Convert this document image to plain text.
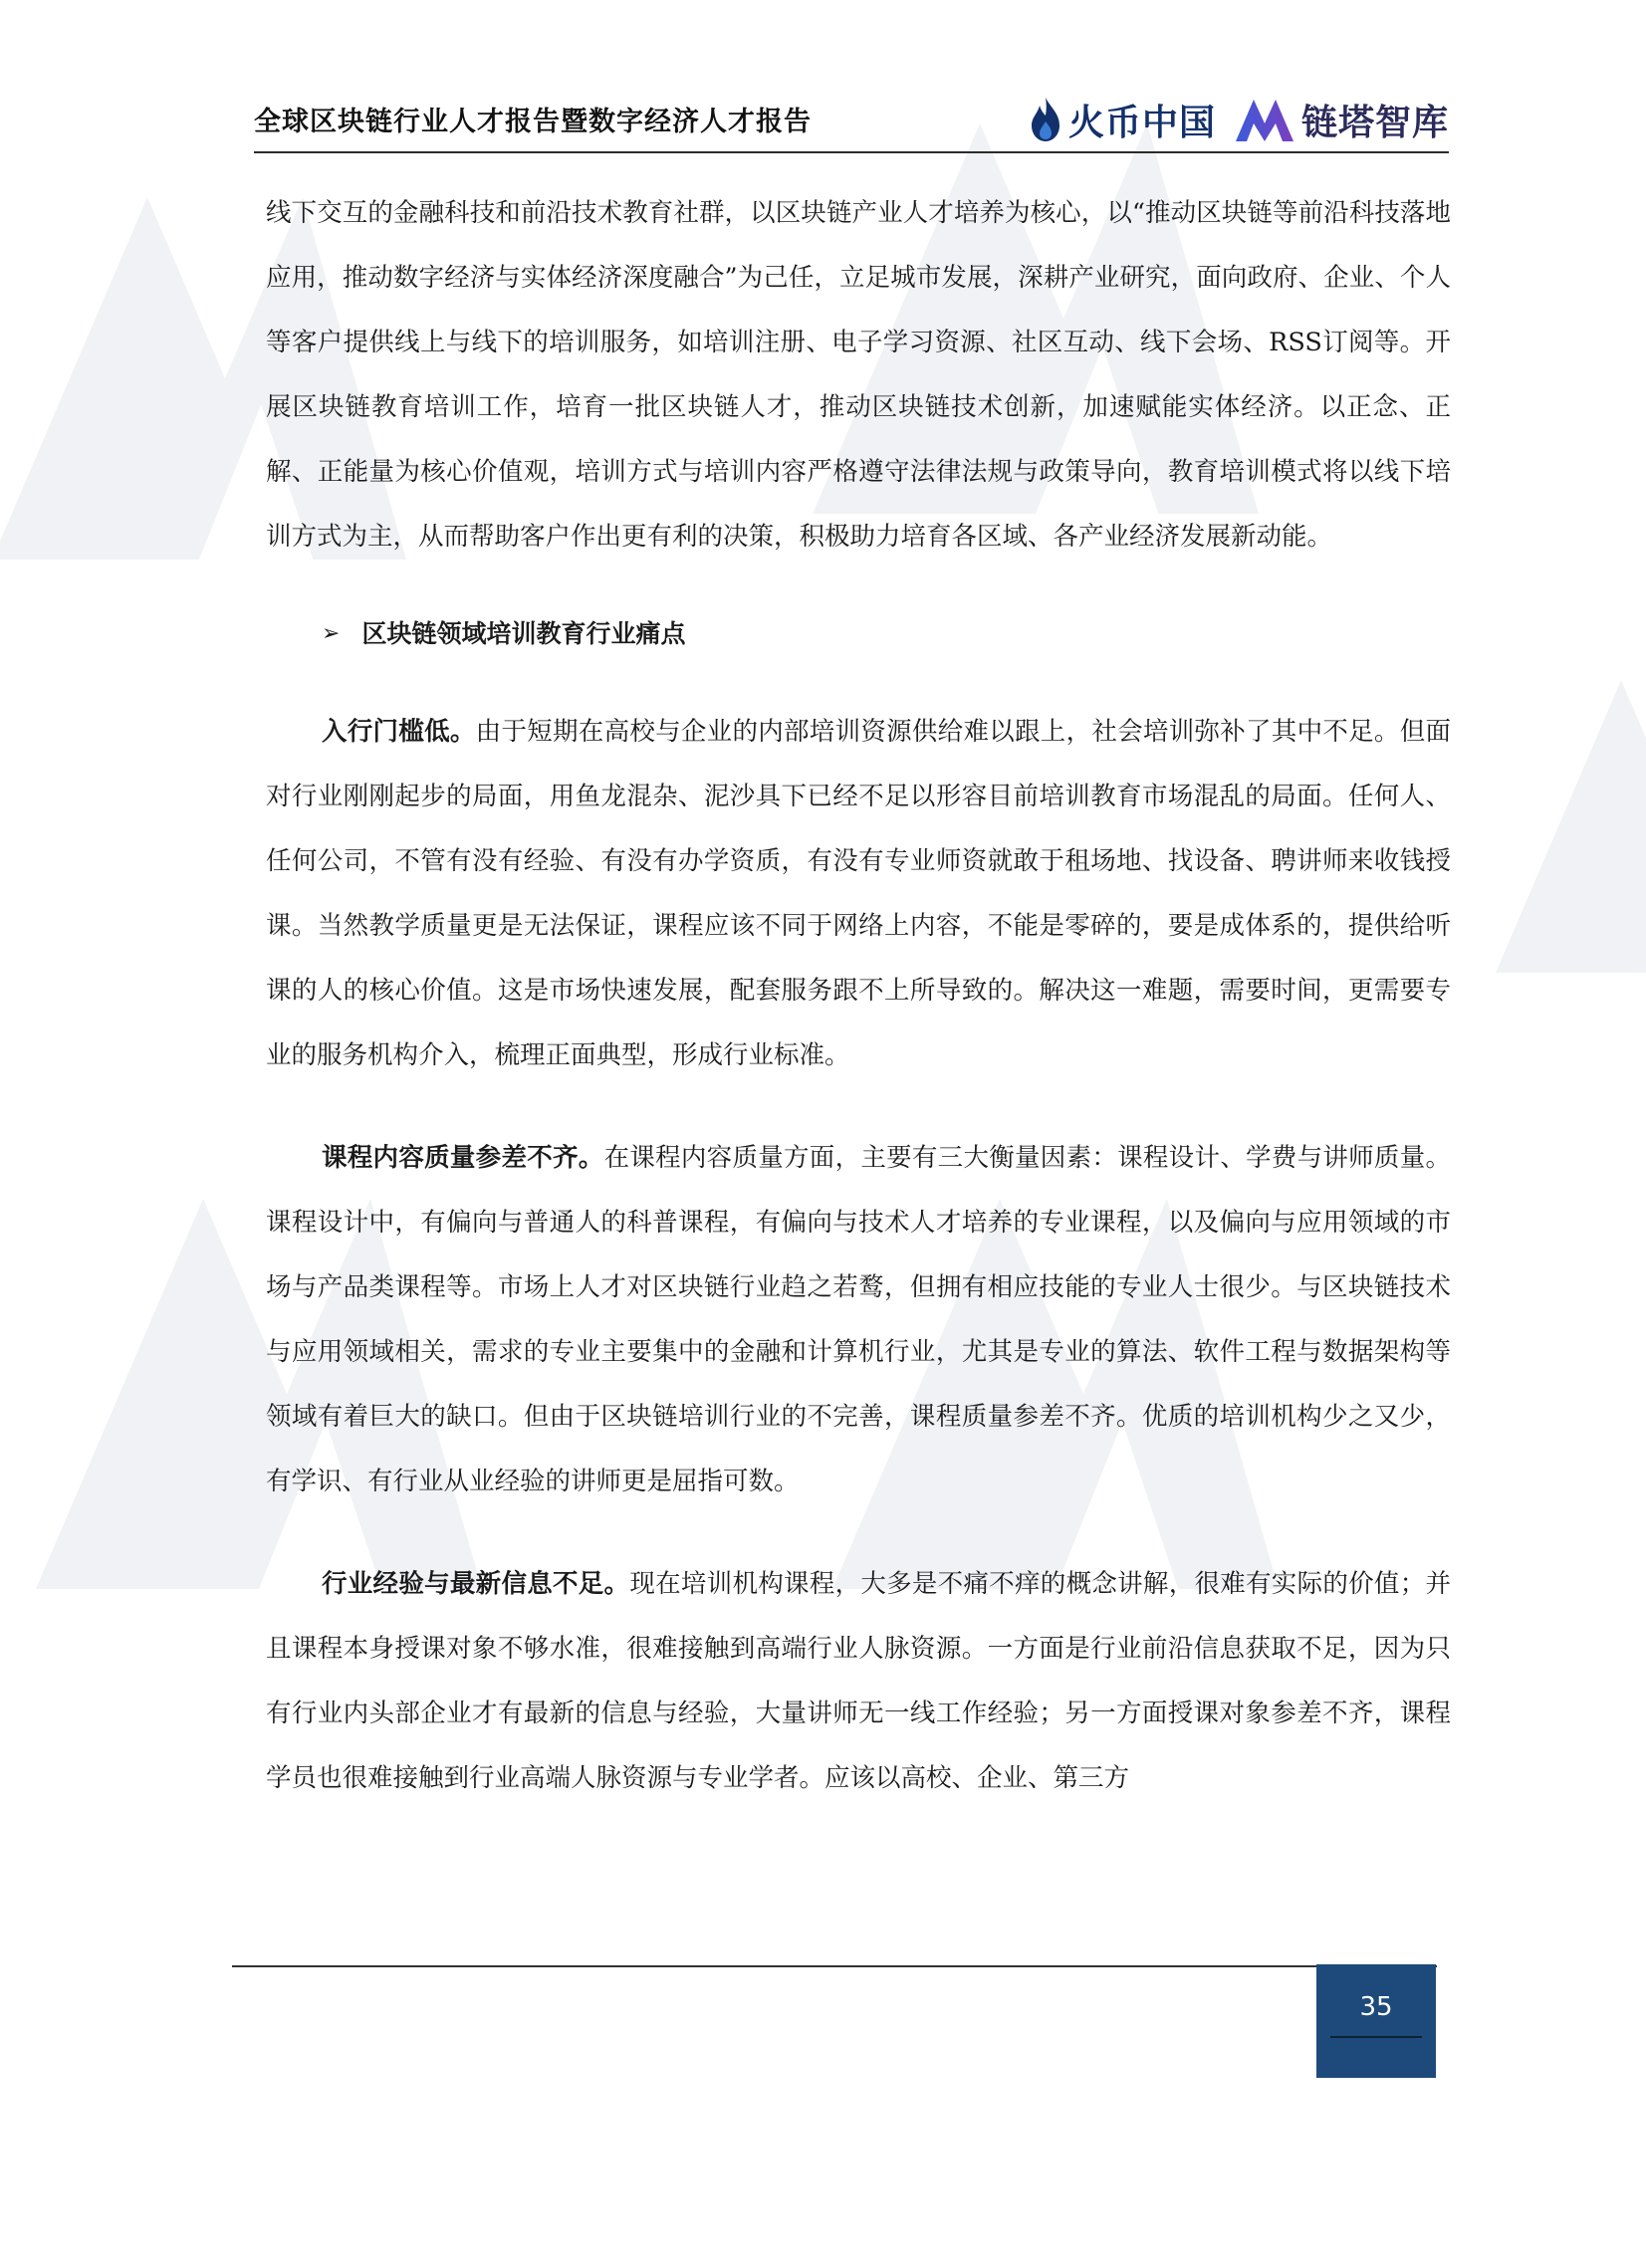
全球区块链行业人才报告暨数字经济人才报告	火币中国 链塔智库

线下交互的金融科技和前沿技术教育社群，以区块链产业人才培养为核心，以“推动区块链等前沿科技落地应用，推动数字经济与实体经济深度融合”为己任，立足城市发展，深耕产业研究，面向政府、企业、个人等客户提供线上与线下的培训服务，如培训注册、电子学习资源、社区互动、线下会场、RSS订阅等。开展区块链教育培训工作，培育一批区块链人才，推动区块链技术创新，加速赋能实体经济。以正念、正解、正能量为核心价值观，培训方式与培训内容严格遵守法律法规与政策导向，教育培训模式将以线下培训方式为主，从而帮助客户作出更有利的决策，积极助力培育各区域、各产业经济发展新动能。

➢ 区块链领域培训教育行业痛点

入行门槛低。由于短期在高校与企业的内部培训资源供给难以跟上，社会培训弥补了其中不足。但面对行业刚刚起步的局面，用鱼龙混杂、泥沙具下已经不足以形容目前培训教育市场混乱的局面。任何人、任何公司，不管有没有经验、有没有办学资质，有没有专业师资就敢于租场地、找设备、聘讲师来收钱授课。当然教学质量更是无法保证，课程应该不同于网络上内容，不能是零碎的，要是成体系的，提供给听课的人的核心价值。这是市场快速发展，配套服务跟不上所导致的。解决这一难题，需要时间，更需要专业的服务机构介入，梳理正面典型，形成行业标准。

课程内容质量参差不齐。在课程内容质量方面，主要有三大衡量因素：课程设计、学费与讲师质量。课程设计中，有偏向与普通人的科普课程，有偏向与技术人才培养的专业课程，以及偏向与应用领域的市场与产品类课程等。市场上人才对区块链行业趋之若鹜，但拥有相应技能的专业人士很少。与区块链技术与应用领域相关，需求的专业主要集中的金融和计算机行业，尤其是专业的算法、软件工程与数据架构等领域有着巨大的缺口。但由于区块链培训行业的不完善，课程质量参差不齐。优质的培训机构少之又少，有学识、有行业从业经验的讲师更是屈指可数。

行业经验与最新信息不足。现在培训机构课程，大多是不痛不痒的概念讲解，很难有实际的价值；并且课程本身授课对象不够水准，很难接触到高端行业人脉资源。一方面是行业前沿信息获取不足，因为只有行业内头部企业才有最新的信息与经验，大量讲师无一线工作经验；另一方面授课对象参差不齐，课程学员也很难接触到行业高端人脉资源与专业学者。应该以高校、企业、第三方

35
